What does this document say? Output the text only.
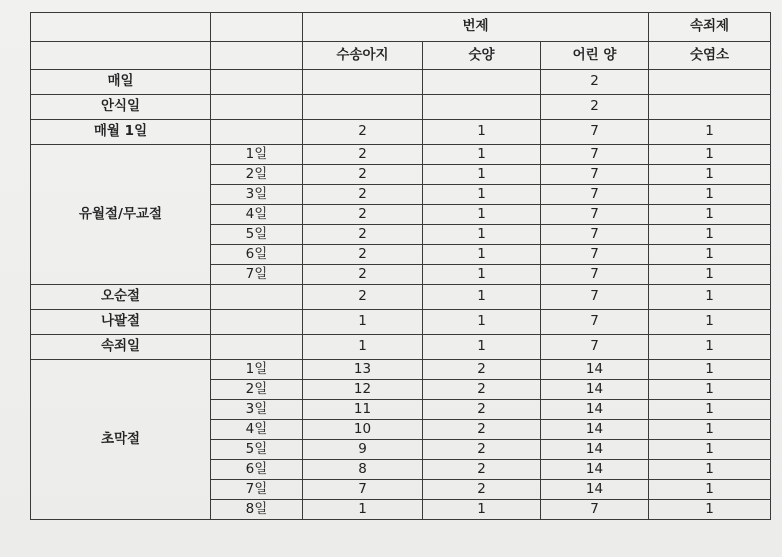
		번제			속죄제
		수송아지	숫양	어린 양	숫염소
매일				2	
안식일				2	
매월 1일		2	1	7	1
유월절/무교절	1일	2	1	7	1
	2일	2	1	7	1
	3일	2	1	7	1
	4일	2	1	7	1
	5일	2	1	7	1
	6일	2	1	7	1
	7일	2	1	7	1
오순절		2	1	7	1
나팔절		1	1	7	1
속죄일		1	1	7	1
초막절	1일	13	2	14	1
	2일	12	2	14	1
	3일	11	2	14	1
	4일	10	2	14	1
	5일	9	2	14	1
	6일	8	2	14	1
	7일	7	2	14	1
	8일	1	1	7	1
